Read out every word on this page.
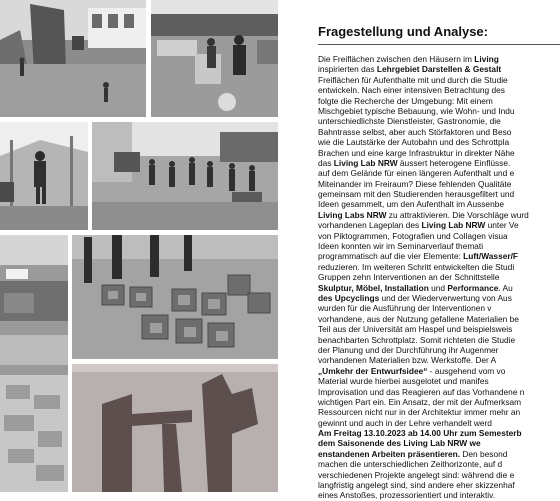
Fragestellung und Analyse:
Die Freiflächen zwischen den Häusern im Living
inspirierten das Lehrgebiet Darstellen & Gestalt
Freiflächen für Aufenthalte mit und durch die Studie
entwickeln. Nach einer intensiven Betrachtung des
folgte die Recherche der Umgebung: Mit einem
Mischgebiet typische Bebauung, wie Wohn- und Indu
unterschiedlichste Dienstleister, Gastronomie, die
Bahntrasse selbst, aber auch Störfaktoren und Beso
wie die Lautstärke der Autobahn und des Schrottpla
Brachen und eine karge Infrastruktur in direkter Nähe
das Living Lab NRW äussert heterogene Einflüsse.
auf dem Gelände für einen längeren Aufenthalt und e
Miteinander im Freiraum? Diese fehlenden Qualitäte
gemeinsam mit den Studierenden herausgefiltert und
Ideen gesammelt, um den Aufenthalt im Aussenbe
Living Labs NRW zu attraktivieren. Die Vorschläge wurd
vorhandenen Lageplan des Living Lab NRW unter Ve
von Piktogrammen, Fotografien und Collagen visua
Ideen konnten wir im Seminarverlauf themati
programmatisch auf die vier Elemente: Luft/Wasser/F
reduzieren. Im weiteren Schritt entwickelten die Studi
Gruppen zehn Interventionen an der Schnittstelle
Skulptur, Möbel, Installation und Performance. Au
des Upcyclings und der Wiederverwertung von Aus
wurden für die Ausführung der Interventionen v
vorhandene, aus der Nutzung gefallene Materialien be
Teil aus der Universität am Haspel und beispielsweis
benachbarten Schrottplatz. Somit richteten die Studie
der Planung und der Durchführung ihr Augenmer
vorhandenen Materialien bzw. Werkstoffe. Der A
„Umkehr der Entwurfsidee“ - ausgehend vom vo
Material wurde hierbei ausgelotet und manifes
Improvisation und das Reagieren auf das Vorhandene n
wichtigen Part ein. Ein Ansatz, der mit der Aufmerksam
Ressourcen nicht nur in der Architektur immer mehr an
gewinnt und auch in der Lehre verhandelt werd
Am Freitag 13.10.2023 ab 14.00 Uhr zum Semesterb
dem Saisonende des Living Lab NRW we
enstandenen Arbeiten präsentieren. Den besond
machen die unterschiedlichen Zeithorizonte, auf d
verschiedenen Projekte angelegt sind: während die e
langfristig angelegt sind, sind andere eher skizzenhaf
eines Anstoßes, prozessorientiert und interaktiv.
